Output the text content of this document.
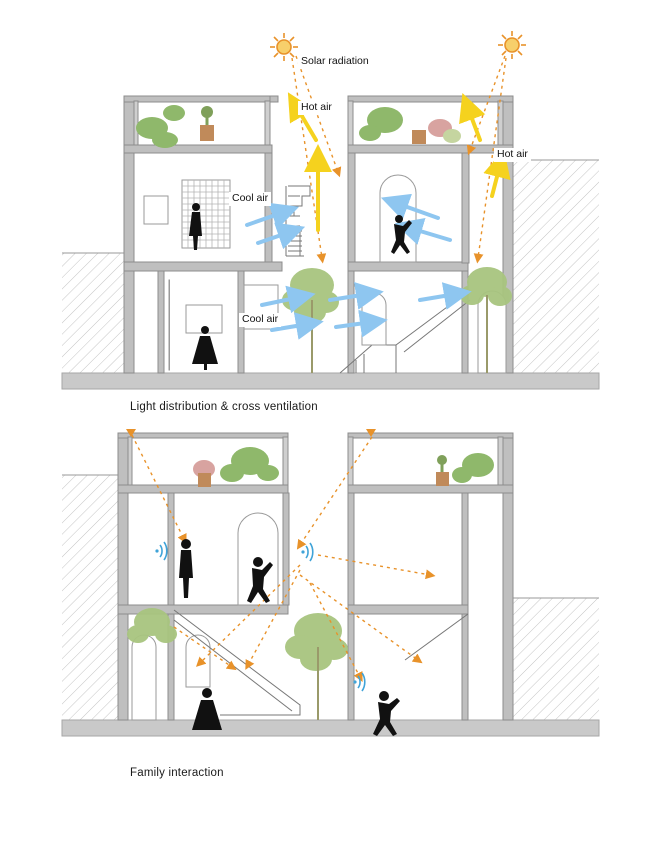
Solar radiation
Hot air
Hot air
Cool air
Cool air
Light distribution & cross ventilation
Family interaction
